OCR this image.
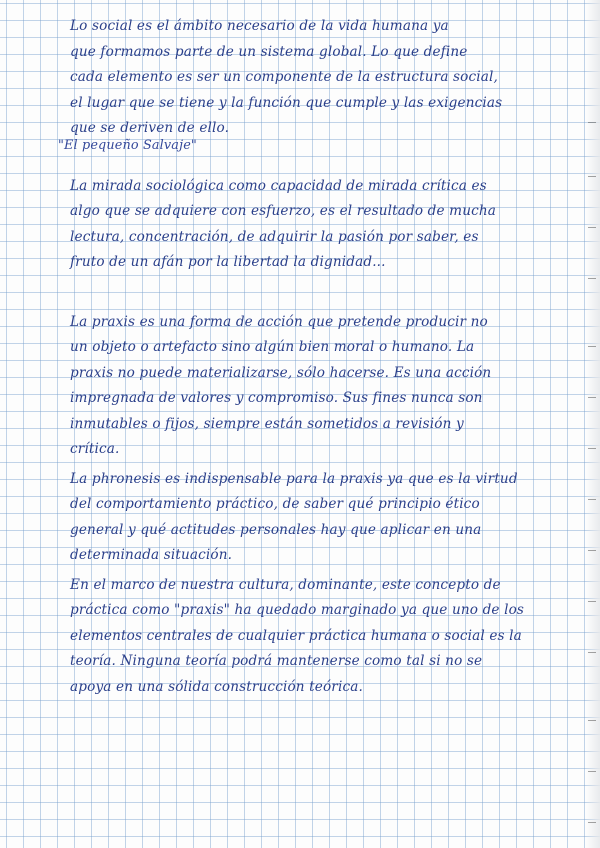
Lo social es el ámbito necesario de la vida humana ya
que formamos parte de un sistema global. Lo que define
cada elemento es ser un componente de la estructura social,
el lugar que se tiene y la función que cumple y las exigencias
que se deriven de ello.
"El pequeño Salvaje"
La mirada sociológica como capacidad de mirada crítica es
algo que se adquiere con esfuerzo, es el resultado de mucha
lectura, concentración, de adquirir la pasión por saber, es
fruto de un afán por la libertad la dignidad...
La praxis es una forma de acción que pretende producir no
un objeto o artefacto sino algún bien moral o humano. La
praxis no puede materializarse, sólo hacerse. Es una acción
impregnada de valores y compromiso. Sus fines nunca son
inmutables o fijos, siempre están sometidos a revisión y
crítica.
La phronesis es indispensable para la praxis ya que es la virtud
del comportamiento práctico, de saber qué principio ético
general y qué actitudes personales hay que aplicar en una
determinada situación.
En el marco de nuestra cultura, dominante, este concepto de
práctica como "praxis" ha quedado marginado ya que uno de los
elementos centrales de cualquier práctica humana o social es la
teoría. Ninguna teoría podrá mantenerse como tal si no se
apoya en una sólida construcción teórica.
